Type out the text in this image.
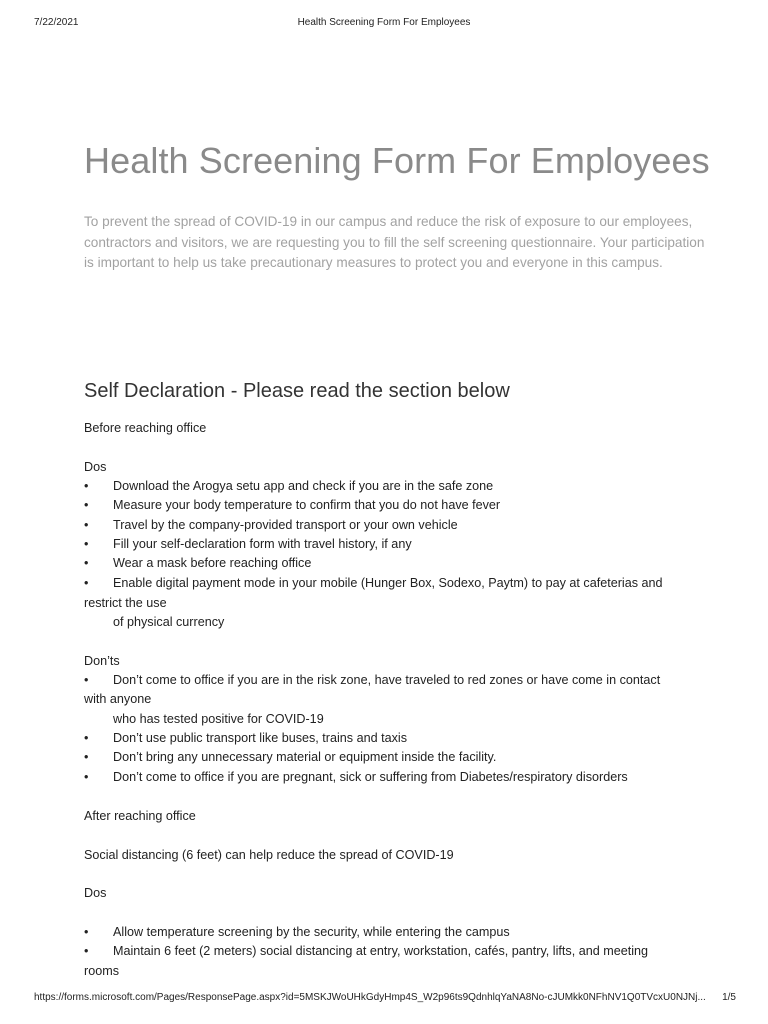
7/22/2021	Health Screening Form For Employees
Health Screening Form For Employees

To prevent the spread of COVID-19 in our campus and reduce the risk of exposure to our employees, contractors and visitors, we are requesting you to fill the self screening questionnaire. Your participation is important to help us take precautionary measures to protect you and everyone in this campus.

Self Declaration - Please read the section below
Before reaching office
Dos
• Download the Arogya setu app and check if you are in the safe zone
• Measure your body temperature to confirm that you do not have fever
• Travel by the company-provided transport or your own vehicle
• Fill your self-declaration form with travel history, if any
• Wear a mask before reaching office
• Enable digital payment mode in your mobile (Hunger Box, Sodexo, Paytm) to pay at cafeterias and
restrict the use
of physical currency
Don’ts
• Don’t come to office if you are in the risk zone, have traveled to red zones or have come in contact
with anyone
who has tested positive for COVID-19
• Don’t use public transport like buses, trains and taxis
• Don’t bring any unnecessary material or equipment inside the facility.
• Don’t come to office if you are pregnant, sick or suffering from Diabetes/respiratory disorders
After reaching office
Social distancing (6 feet) can help reduce the spread of COVID-19
Dos
• Allow temperature screening by the security, while entering the campus
• Maintain 6 feet (2 meters) social distancing at entry, workstation, cafés, pantry, lifts, and meeting
rooms
https://forms.microsoft.com/Pages/ResponsePage.aspx?id=5MSKJWoUHkGdyHmp4S_W2p96ts9QdnhlqYaNA8No-cJUMkk0NFhNV1Q0TVcxU0NJNj...	1/5
